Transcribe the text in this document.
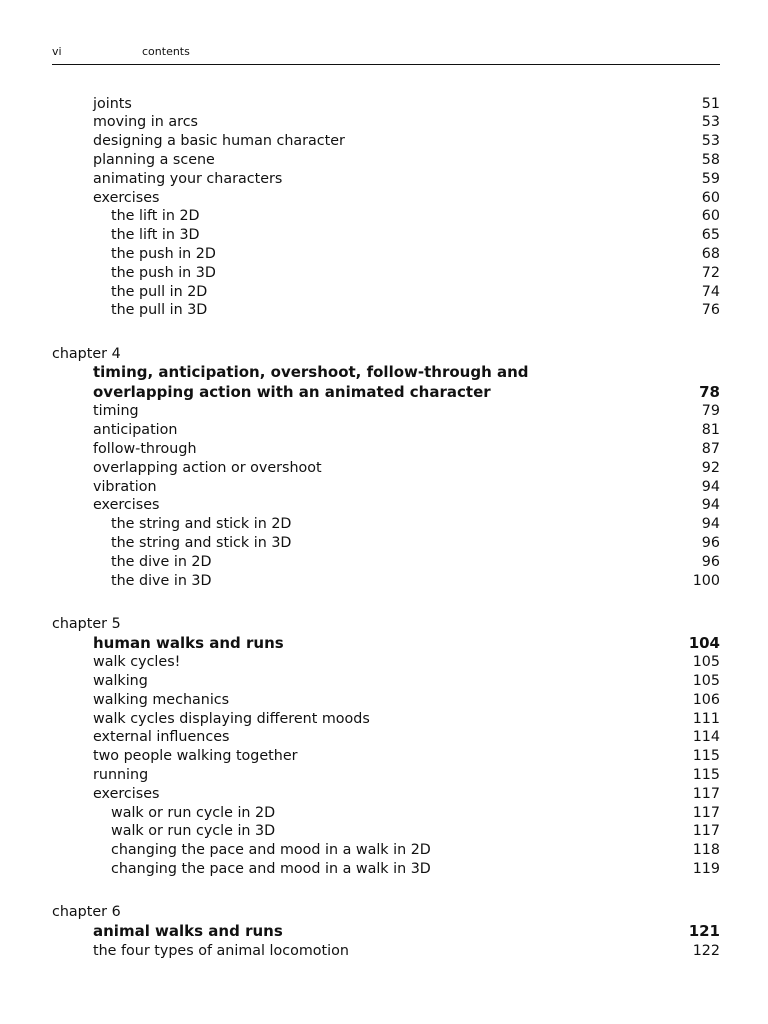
vi	contents
joints	51
moving in arcs	53
designing a basic human character	53
planning a scene	58
animating your characters	59
exercises	60
the lift in 2D	60
the lift in 3D	65
the push in 2D	68
the push in 3D	72
the pull in 2D	74
the pull in 3D	76
chapter 4
timing, anticipation, overshoot, follow-through and
overlapping action with an animated character	78
timing	79
anticipation	81
follow-through	87
overlapping action or overshoot	92
vibration	94
exercises	94
the string and stick in 2D	94
the string and stick in 3D	96
the dive in 2D	96
the dive in 3D	100
chapter 5
human walks and runs	104
walk cycles!	105
walking	105
walking mechanics	106
walk cycles displaying different moods	111
external influences	114
two people walking together	115
running	115
exercises	117
walk or run cycle in 2D	117
walk or run cycle in 3D	117
changing the pace and mood in a walk in 2D	118
changing the pace and mood in a walk in 3D	119
chapter 6
animal walks and runs	121
the four types of animal locomotion	122
